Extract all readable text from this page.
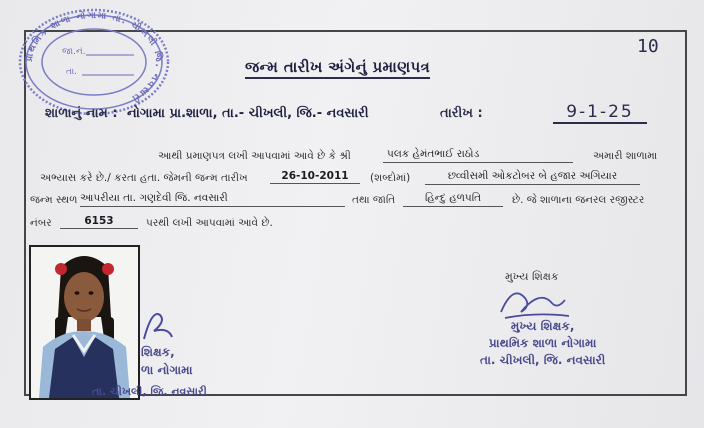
પ્રાથમિક શાળા નોગામા તા. ચીખલી જિ. નવસારી
જા.નં.
તા.
10
જન્મ તારીખ અંગેનું પ્રમાણપત્ર
શાળાનું નામ : નોગામા પ્રા.શાળા, તા.- ચીખલી, જિ.- નવસારી	તારીખ :	9-1-25
આથી પ્રમાણપત્ર લખી આપવામાં આવે છે કે શ્રી	પલક હેમંતભાઈ રાઠોડ	અમારી શાળામા
અભ્યાસ કરે છે./ કરતા હતા. જેમની જન્મ તારીખ	26-10-2011	(શબ્દોમાં)	છવ્વીસમી ઓકટોબર બે હજાર અગિયાર
જન્મ સ્થળ આપરીયા તા. ગણદેવી જિ. નવસારી	તથા જાતિ	હિન્દુ હળપતિ	છે. જે શાળાના જનરલ રજીસ્ટર
નંબર	6153	પરથી લખી આપવામાં આવે છે.
શિક્ષક,
ળા નોગામા
તા. ચીખલી, જિ. નવસારી
મુખ્ય શિક્ષક
મુખ્ય શિક્ષક,
પ્રાથમિક શાળા નોગામા
તા. ચીખલી, જિ. નવસારી
